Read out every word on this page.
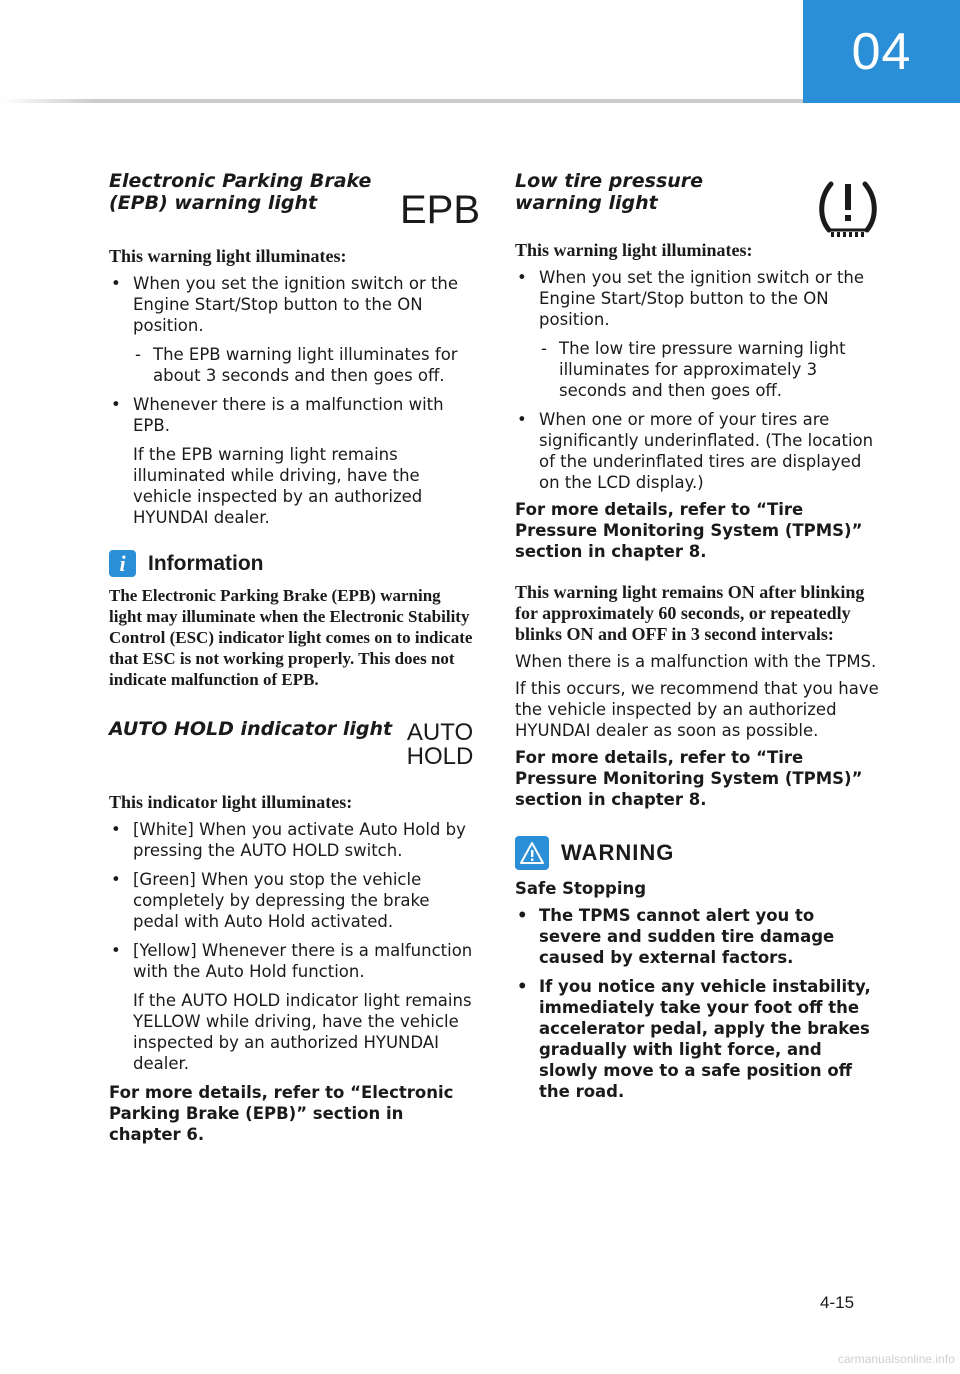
04
Electronic Parking Brake (EPB) warning light	EPB

This warning light illuminates:

• When you set the ignition switch or the Engine Start/Stop button to the ON position.
- The EPB warning light illuminates for about 3 seconds and then goes off.
• Whenever there is a malfunction with EPB.
If the EPB warning light remains illuminated while driving, have the vehicle inspected by an authorized HYUNDAI dealer.
i	Information

The Electronic Parking Brake (EPB) warning light may illuminate when the Electronic Stability Control (ESC) indicator light comes on to indicate that ESC is not working properly. This does not indicate malfunction of EPB.

AUTO HOLD indicator light AUTO
HOLD

This indicator light illuminates:

• [White] When you activate Auto Hold by pressing the AUTO HOLD switch.
• [Green] When you stop the vehicle completely by depressing the brake pedal with Auto Hold activated.
• [Yellow] Whenever there is a malfunction with the Auto Hold function.
If the AUTO HOLD indicator light remains YELLOW while driving, have the vehicle inspected by an authorized HYUNDAI dealer.

For more details, refer to “Electronic Parking Brake (EPB)” section in chapter 6.

Low tire pressure warning light

This warning light illuminates:

• When you set the ignition switch or the Engine Start/Stop button to the ON position.
- The low tire pressure warning light illuminates for approximately 3 seconds and then goes off.
• When one or more of your tires are significantly underinflated. (The location of the underinflated tires are displayed on the LCD display.)

For more details, refer to “Tire Pressure Monitoring System (TPMS)” section in chapter 8.

This warning light remains ON after blinking for approximately 60 seconds, or repeatedly blinks ON and OFF in 3 second intervals:

When there is a malfunction with the TPMS.

If this occurs, we recommend that you have the vehicle inspected by an authorized HYUNDAI dealer as soon as possible.

For more details, refer to “Tire Pressure Monitoring System (TPMS)” section in chapter 8.

WARNING

Safe Stopping

• The TPMS cannot alert you to severe and sudden tire damage caused by external factors.
• If you notice any vehicle instability, immediately take your foot off the accelerator pedal, apply the brakes gradually with light force, and slowly move to a safe position off the road.
4-15
carmanualsonline.info
